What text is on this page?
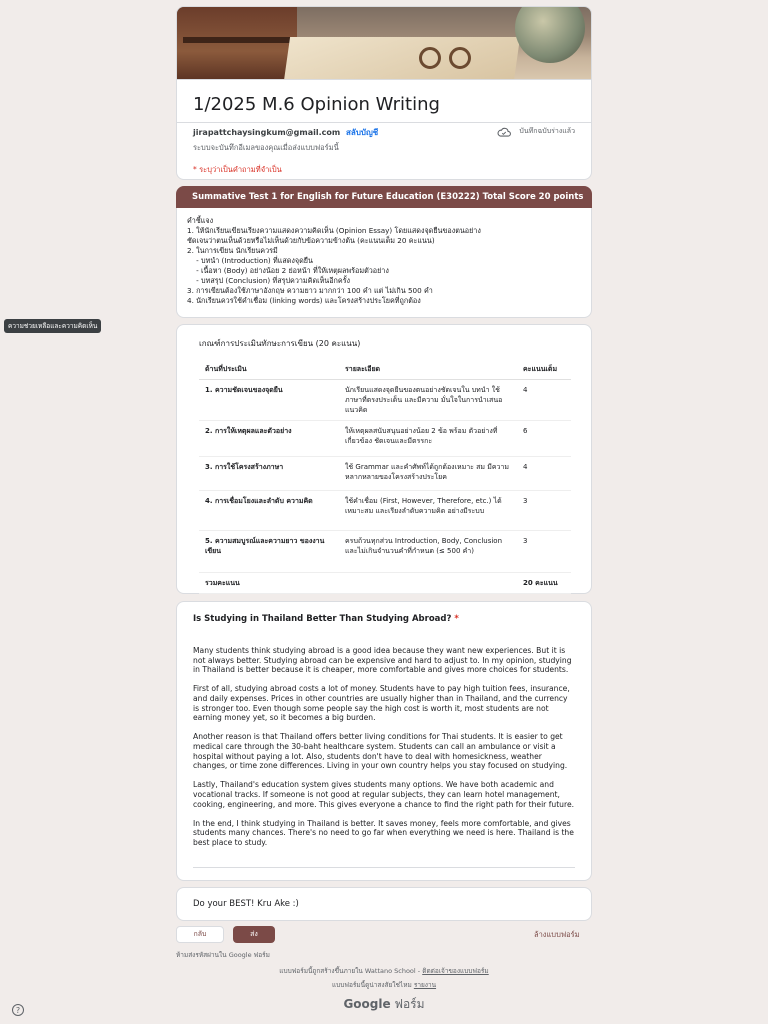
1/2025 M.6 Opinion Writing
jirapattchaysingkum@gmail.com สลับบัญชี	บันทึกฉบับร่างแล้ว
ระบบจะบันทึกอีเมลของคุณเมื่อส่งแบบฟอร์มนี้
* ระบุว่าเป็นคำถามที่จำเป็น
ความช่วยเหลือและความคิดเห็น
Summative Test 1 for English for Future Education (E30222) Total Score 20 points
คำชี้แจง
1. ให้นักเรียนเขียนเรียงความแสดงความคิดเห็น (Opinion Essay) โดยแสดงจุดยืนของตนอย่าง
ชัดเจนว่าตนเห็นด้วยหรือไม่เห็นด้วยกับข้อความข้างต้น (คะแนนเต็ม 20 คะแนน)
2. ในการเขียน นักเรียนควรมี
- บทนำ (Introduction) ที่แสดงจุดยืน
- เนื้อหา (Body) อย่างน้อย 2 ย่อหน้า ที่ให้เหตุผลพร้อมตัวอย่าง
- บทสรุป (Conclusion) ที่สรุปความคิดเห็นอีกครั้ง
3. การเขียนต้องใช้ภาษาอังกฤษ ความยาว มากกว่า 100 คำ แต่ ไม่เกิน 500 คำ
4. นักเรียนควรใช้คำเชื่อม (linking words) และโครงสร้างประโยคที่ถูกต้อง
เกณฑ์การประเมินทักษะการเขียน (20 คะแนน)
ด้านที่ประเมิน	รายละเอียด	คะแนนเต็ม
1. ความชัดเจนของจุดยืน	นักเรียนแสดงจุดยืนของตนอย่างชัดเจนใน บทนำ ใช้ภาษาที่ตรงประเด็น และมีความ มั่นใจในการนำเสนอแนวคิด	4
2. การให้เหตุผลและตัวอย่าง	ให้เหตุผลสนับสนุนอย่างน้อย 2 ข้อ พร้อม ตัวอย่างที่เกี่ยวข้อง ชัดเจนและมีตรรกะ	6
3. การใช้โครงสร้างภาษา	ใช้ Grammar และคำศัพท์ได้ถูกต้องเหมาะ สม มีความหลากหลายของโครงสร้างประโยค	4
4. การเชื่อมโยงและลำดับ ความคิด	ใช้คำเชื่อม (First, However, Therefore, etc.) ได้เหมาะสม และเรียงลำดับความคิด อย่างมีระบบ	3
5. ความสมบูรณ์และความยาว ของงานเขียน	ครบถ้วนทุกส่วน Introduction, Body, Conclusion และไม่เกินจำนวนคำที่กำหนด (≤ 500 คำ)	3
รวมคะแนน		20 คะแนน
Is Studying in Thailand Better Than Studying Abroad? *

Many students think studying abroad is a good idea because they want new experiences. But it is not always better. Studying abroad can be expensive and hard to adjust to. In my opinion, studying in Thailand is better because it is cheaper, more comfortable and gives more choices for students.

First of all, studying abroad costs a lot of money. Students have to pay high tuition fees, insurance, and daily expenses. Prices in other countries are usually higher than in Thailand, and the currency is stronger too. Even though some people say the high cost is worth it, most students are not earning money yet, so it becomes a big burden.

Another reason is that Thailand offers better living conditions for Thai students. It is easier to get medical care through the 30-baht healthcare system. Students can call an ambulance or visit a hospital without paying a lot. Also, students don't have to deal with homesickness, weather changes, or time zone differences. Living in your own country helps you stay focused on studying.

Lastly, Thailand's education system gives students many options. We have both academic and vocational tracks. If someone is not good at regular subjects, they can learn hotel management, cooking, engineering, and more. This gives everyone a chance to find the right path for their future.

In the end, I think studying in Thailand is better. It saves money, feels more comfortable, and gives students many chances. There's no need to go far when everything we need is here. Thailand is the best place to study.

Do your BEST! Kru Ake :)
กลับ	ส่ง	ล้างแบบฟอร์ม
ห้ามส่งรหัสผ่านใน Google ฟอร์ม
แบบฟอร์มนี้ถูกสร้างขึ้นภายใน Wattano School - ติดต่อเจ้าของแบบฟอร์ม
แบบฟอร์มนี้ดูน่าสงสัยใช่ไหม รายงาน
Google ฟอร์ม
?
